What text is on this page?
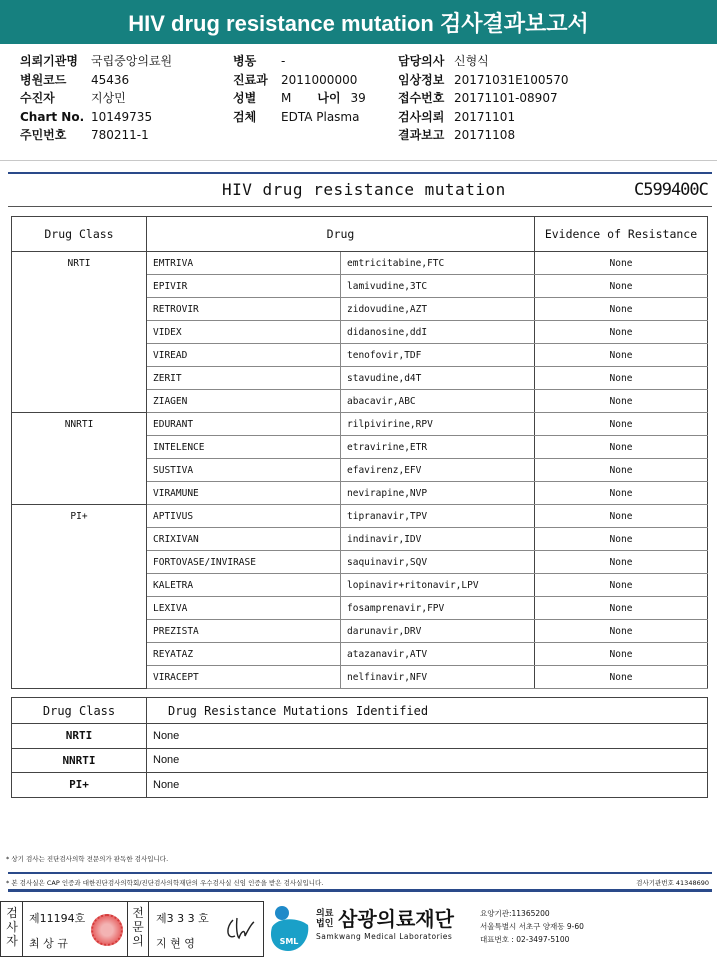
HIV drug resistance mutation 검사결과보고서
의뢰기관명	국립중앙의료원
병원코드	45436
수진자	지상민
Chart No. 10149735
주민번호	780211-1
병동	-
진료과	2011000000
성별	M 나이 39
검체	EDTA Plasma
담당의사 신형식
임상정보 20171031E100570
접수번호 20171101-08907
검사의뢰 20171101
결과보고 20171108
HIV drug resistance mutation	C599400C
Drug Class	Drug		Evidence of Resistance
NRTI	EMTRIVA	emtricitabine,FTC	None
	EPIVIR	lamivudine,3TC	None
	RETROVIR	zidovudine,AZT	None
	VIDEX	didanosine,ddI	None
	VIREAD	tenofovir,TDF	None
	ZERIT	stavudine,d4T	None
	ZIAGEN	abacavir,ABC	None
NNRTI	EDURANT	rilpivirine,RPV	None
	INTELENCE	etravirine,ETR	None
	SUSTIVA	efavirenz,EFV	None
	VIRAMUNE	nevirapine,NVP	None
PI+	APTIVUS	tipranavir,TPV	None
	CRIXIVAN	indinavir,IDV	None
	FORTOVASE/INVIRASE	saquinavir,SQV	None
	KALETRA	lopinavir+ritonavir,LPV	None
	LEXIVA	fosamprenavir,FPV	None
	PREZISTA	darunavir,DRV	None
	REYATAZ	atazanavir,ATV	None
	VIRACEPT	nelfinavir,NFV	None
Drug Class	Drug Resistance Mutations Identified
NRTI	None
NNRTI	None
PI+	None
* 상기 검사는 진단검사의학 전문의가 판독한 검사입니다.
* 본 검사실은 CAP 인증과 대한진단검사의학회/진단검사의학재단의 우수검사실 신임 인증을 받은 검사실입니다.	검사기관번호 41348690
검사자
제11194호
최 상 규
전문의
제3 3 3 호
지 현 영	SML
의료법인 삼광의료재단
Samkwang Medical Laboratories
요양기관:11365200
서울특별시 서초구 양재동 9-60
대표번호 : 02-3497-5100
